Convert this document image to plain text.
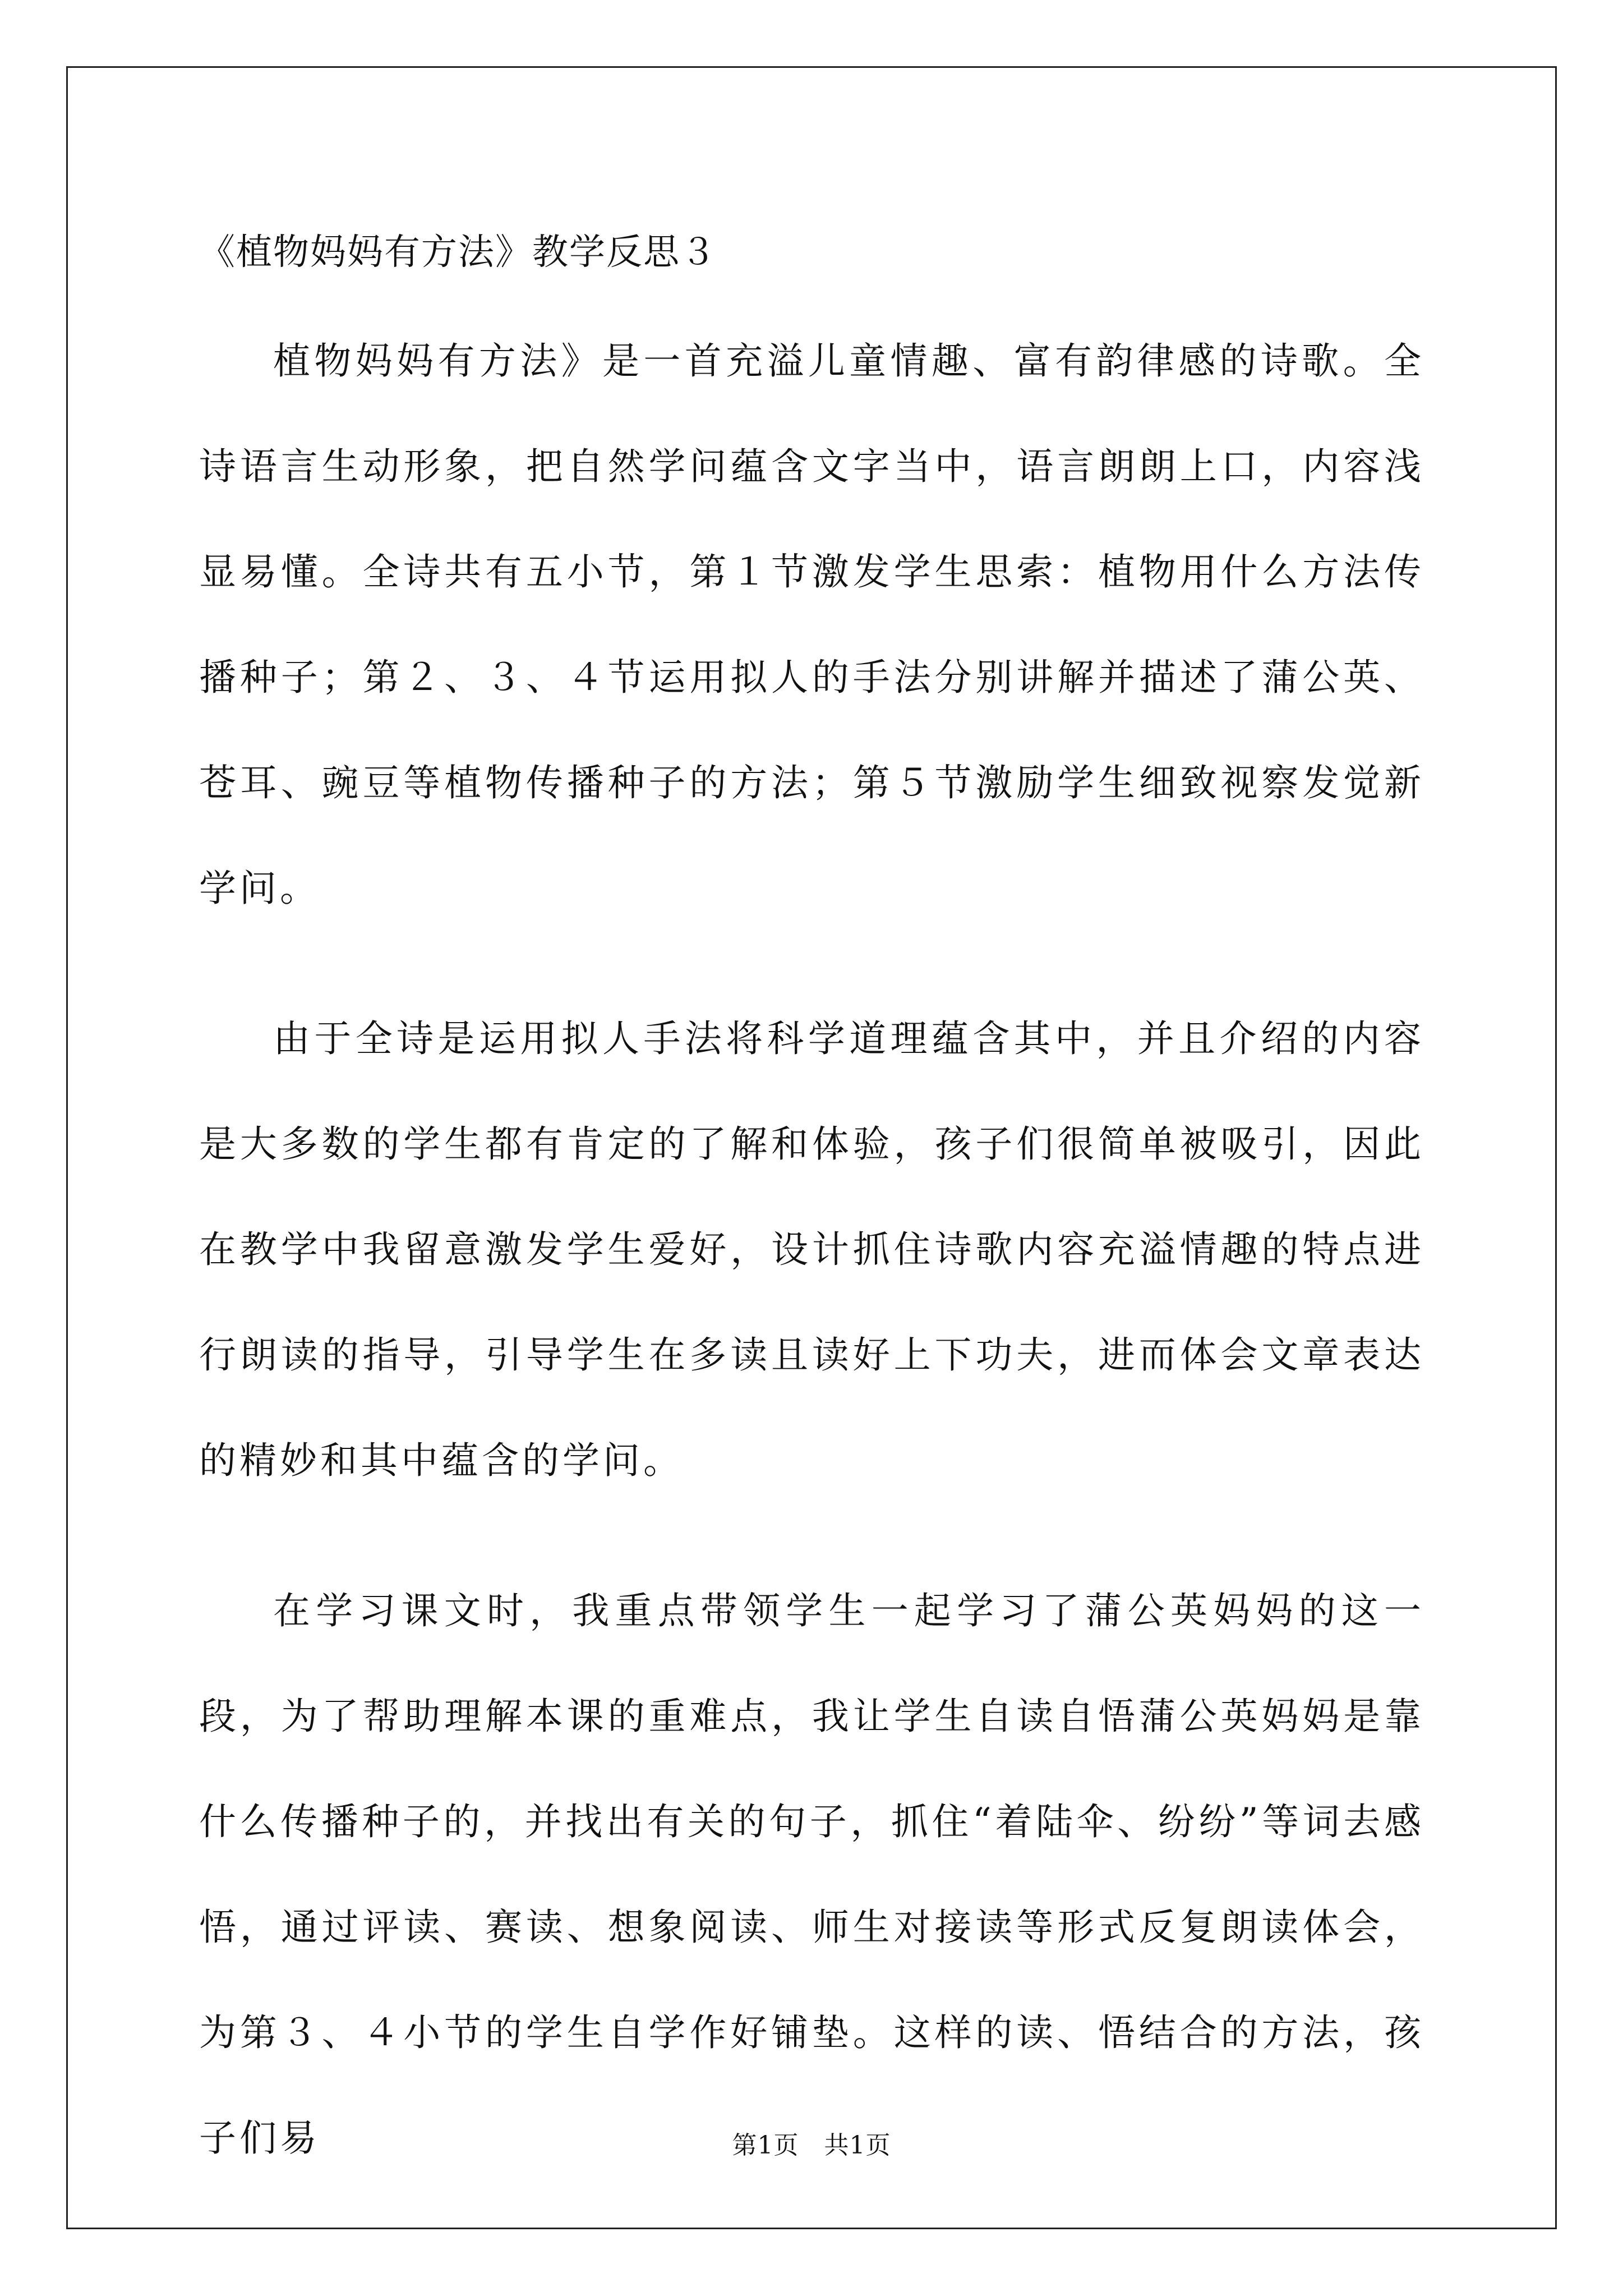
《植物妈妈有方法》教学反思３

植物妈妈有方法》是一首充溢儿童情趣、富有韵律感的诗歌。全诗语言生动形象，把自然学问蕴含文字当中，语言朗朗上口，内容浅显易懂。全诗共有五小节，第１节激发学生思索：植物用什么方法传播种子；第２、３、４节运用拟人的手法分别讲解并描述了蒲公英、苍耳、豌豆等植物传播种子的方法；第５节激励学生细致视察发觉新学问。

由于全诗是运用拟人手法将科学道理蕴含其中，并且介绍的内容是大多数的学生都有肯定的了解和体验，孩子们很简单被吸引，因此在教学中我留意激发学生爱好，设计抓住诗歌内容充溢情趣的特点进行朗读的指导，引导学生在多读且读好上下功夫，进而体会文章表达的精妙和其中蕴含的学问。

在学习课文时，我重点带领学生一起学习了蒲公英妈妈的这一段，为了帮助理解本课的重难点，我让学生自读自悟蒲公英妈妈是靠什么传播种子的，并找出有关的句子，抓住“着陆伞、纷纷”等词去感悟，通过评读、赛读、想象阅读、师生对接读等形式反复朗读体会，为第３、４小节的学生自学作好铺垫。这样的读、悟结合的方法，孩子们易	第1页　共1页
